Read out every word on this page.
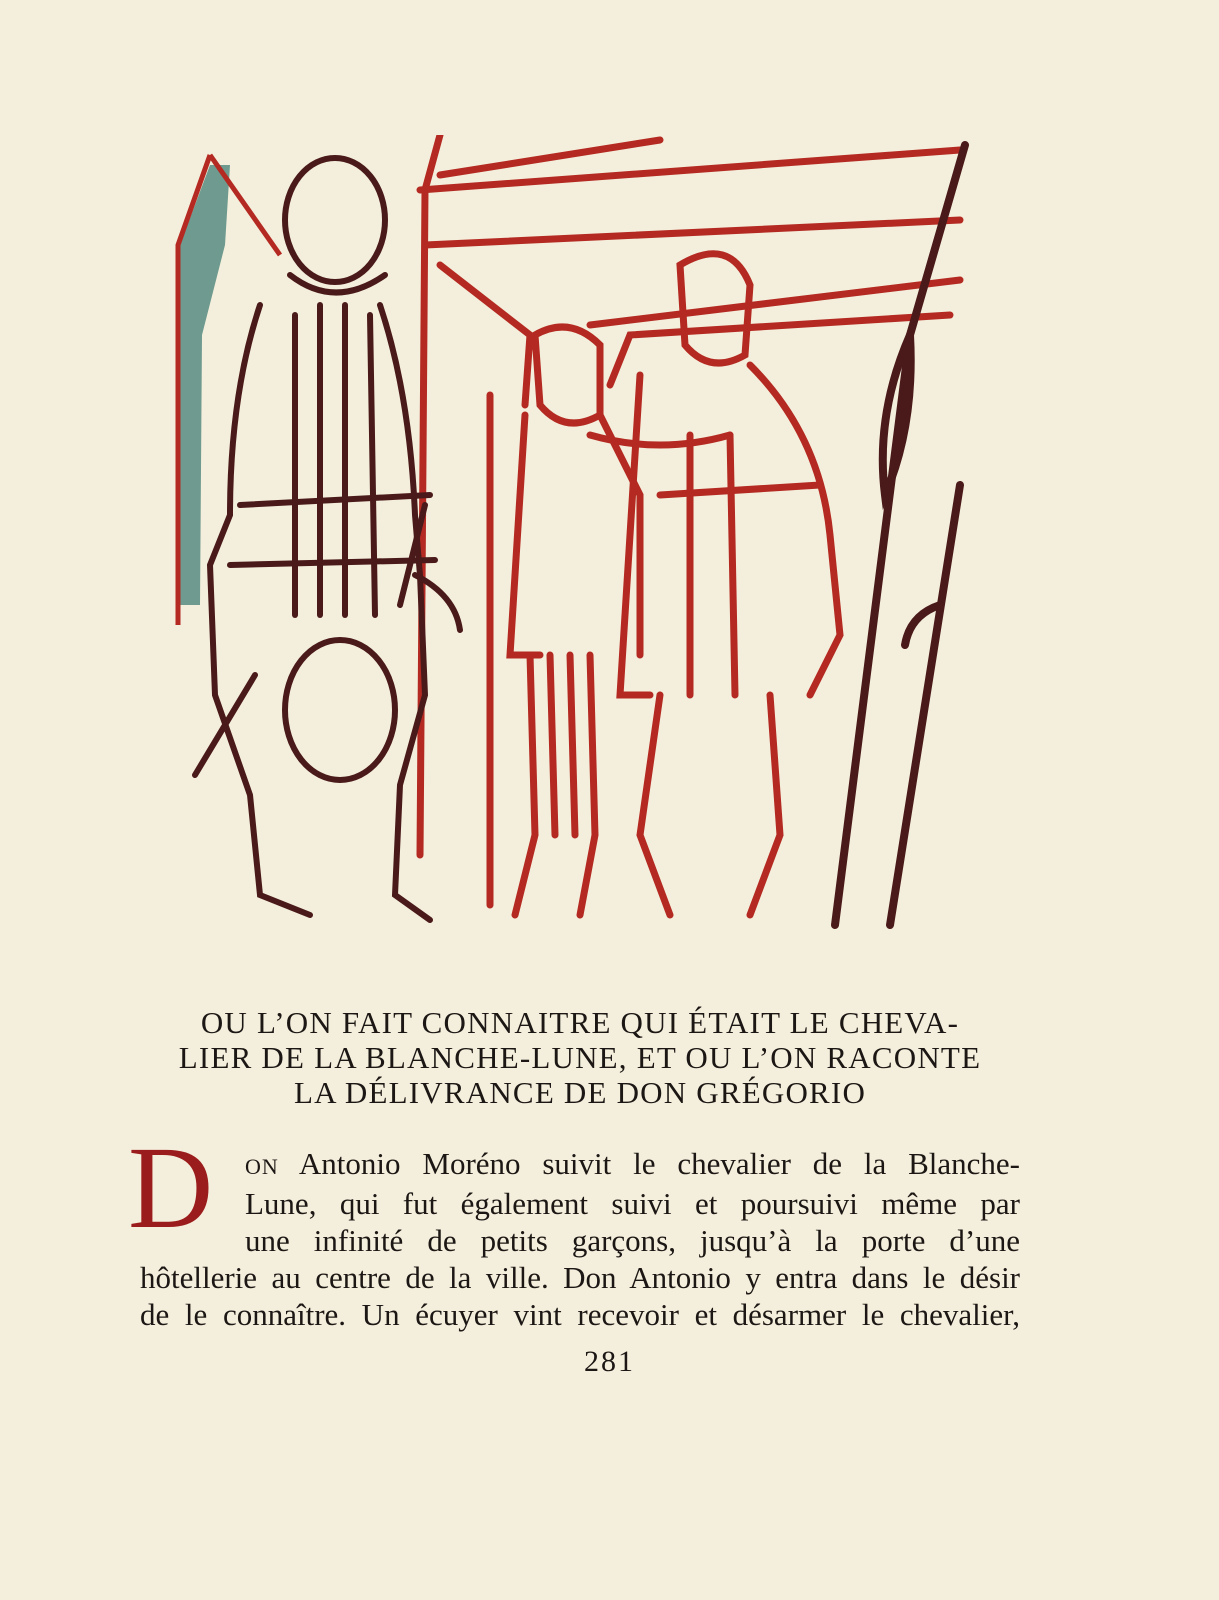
OU L’ON FAIT CONNAITRE QUI ÉTAIT LE CHEVA-
LIER DE LA BLANCHE-LUNE, ET OU L’ON RACONTE
LA DÉLIVRANCE DE DON GRÉGORIO
D ON Antonio Moréno suivit le chevalier de la Blanche-
Lune, qui fut également suivi et poursuivi même par
une infinité de petits garçons, jusqu’à la porte d’une
hôtellerie au centre de la ville. Don Antonio y entra dans le désir
de le connaître. Un écuyer vint recevoir et désarmer le chevalier,
281
